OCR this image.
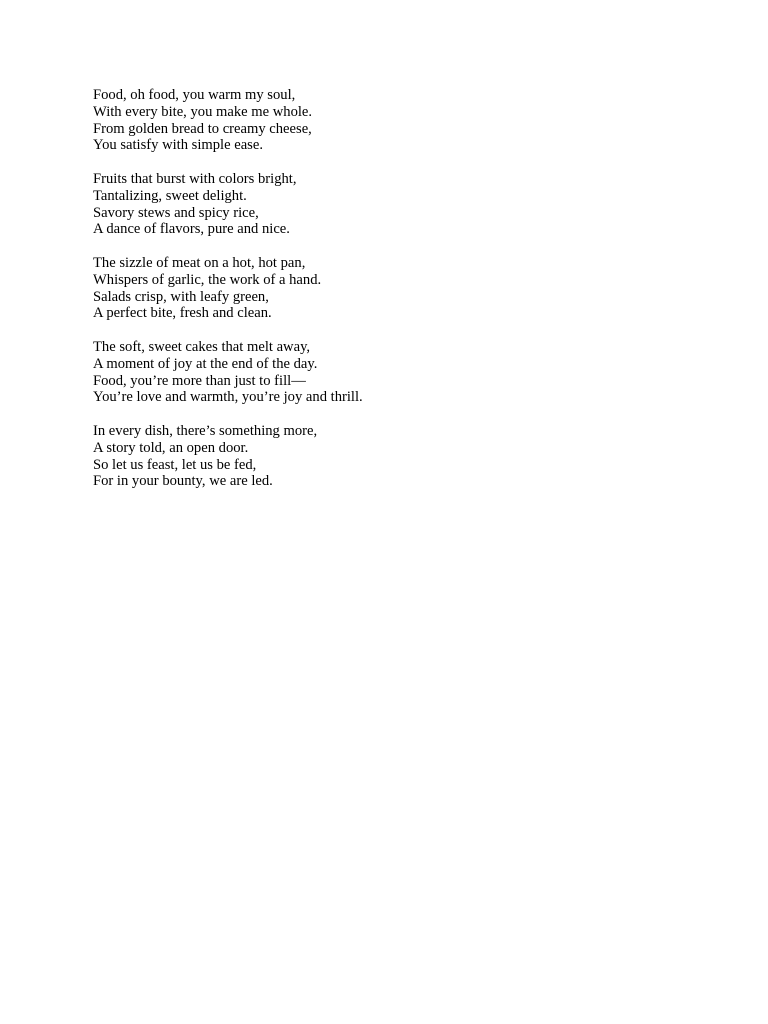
Food, oh food, you warm my soul,
With every bite, you make me whole.
From golden bread to creamy cheese,
You satisfy with simple ease.
Fruits that burst with colors bright,
Tantalizing, sweet delight.
Savory stews and spicy rice,
A dance of flavors, pure and nice.
The sizzle of meat on a hot, hot pan,
Whispers of garlic, the work of a hand.
Salads crisp, with leafy green,
A perfect bite, fresh and clean.
The soft, sweet cakes that melt away,
A moment of joy at the end of the day.
Food, you’re more than just to fill—
You’re love and warmth, you’re joy and thrill.
In every dish, there’s something more,
A story told, an open door.
So let us feast, let us be fed,
For in your bounty, we are led.
